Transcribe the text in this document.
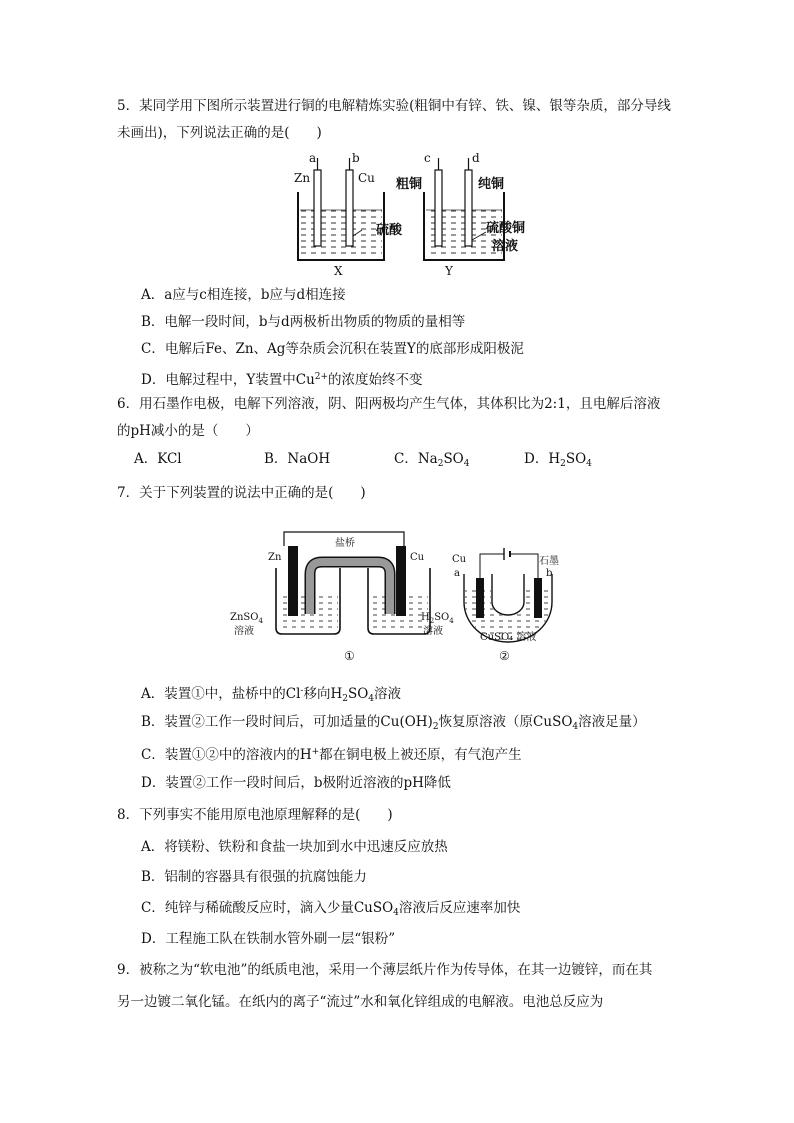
5．某同学用下图所示装置进行铜的电解精炼实验(粗铜中有锌、铁、镍、银等杂质，部分导线
未画出)，下列说法正确的是(　　)
a	b
Zn	Cu
硫酸
X
c	d
粗铜	纯铜
硫酸铜
溶液
Y
A．a应与c相连接，b应与d相连接
B．电解一段时间，b与d两极析出物质的物质的量相等
C．电解后Fe、Zn、Ag等杂质会沉积在装置Y的底部形成阳极泥
D．电解过程中，Y装置中$Cu^{2+}$的浓度始终不变
6．用石墨作电极，电解下列溶液，阴、阳两极均产生气体，其体积比为2:1，且电解后溶液
的pH减小的是（　　）
A．KCl	B．NaOH	C．$Na_2SO_4$	D．$H_2SO_4$
7．关于下列装置的说法中正确的是(　　)
盐桥
Zn	Cu
ZnSO$_4$
溶液
$H_2SO_4$
溶液
①
Cu
a
石墨
b
CuSO₄ 溶液
②
A．装置①中，盐桥中的Cl-移向$H_2SO_4$溶液
B．装置②工作一段时间后，可加适量的$Cu(OH)_2$恢复原溶液（原CuSO$_4$溶液足量）
C．装置①②中的溶液内的H+都在铜电极上被还原，有气泡产生
D．装置②工作一段时间后，b极附近溶液的pH降低
8．下列事实不能用原电池原理解释的是(　　)
A．将镁粉、铁粉和食盐一块加到水中迅速反应放热
B．铝制的容器具有很强的抗腐蚀能力
C．纯锌与稀硫酸反应时，滴入少量CuSO$_4$溶液后反应速率加快
D．工程施工队在铁制水管外刷一层“银粉”
9．被称之为“软电池”的纸质电池，采用一个薄层纸片作为传导体，在其一边镀锌，而在其
另一边镀二氧化锰。在纸内的离子“流过”水和氧化锌组成的电解液。电池总反应为
